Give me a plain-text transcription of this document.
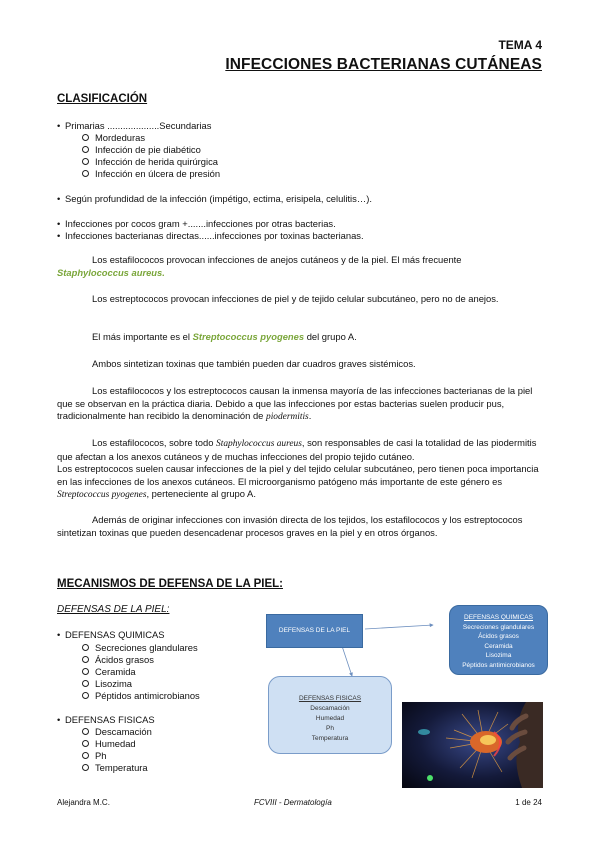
TEMA 4
INFECCIONES BACTERIANAS CUTÁNEAS
CLASIFICACIÓN
• Primarias ....................Secundarias
Mordeduras
Infección de pie diabético
Infección de herida quirúrgica
Infección en úlcera de presión
• Según profundidad de la infección (impétigo, ectima, erisipela, celulitis…).
• Infecciones por cocos gram +.......infecciones por otras bacterias.
• Infecciones bacterianas directas......infecciones por toxinas bacterianas.
Los estafilococos provocan infecciones de anejos cutáneos y de la piel. El más frecuente
Staphylococcus aureus.
Los estreptococos provocan infecciones de piel y de tejido celular subcutáneo, pero no de anejos.
El más importante es el Streptococcus pyogenes del grupo A.
Ambos sintetizan toxinas que también pueden dar cuadros graves sistémicos.
Los estafilococos y los estreptococos causan la inmensa mayoría de las infecciones bacterianas de la piel que se observan en la práctica diaria. Debido a que las infecciones por estas bacterias suelen producir pus, tradicionalmente han recibido la denominación de piodermitis.
Los estafilococos, sobre todo Staphylococcus aureus, son responsables de casi la totalidad de las piodermitis que afectan a los anexos cutáneos y de muchas infecciones del propio tejido cutáneo.
Los estreptococos suelen causar infecciones de la piel y del tejido celular subcutáneo, pero tienen poca importancia en las infecciones de los anexos cutáneos. El microorganismo patógeno más importante de este género es Streptococcus pyogenes, perteneciente al grupo A.
Además de originar infecciones con invasión directa de los tejidos, los estafilococos y los estreptococos sintetizan toxinas que pueden desencadenar procesos graves en la piel y en otros órganos.
MECANISMOS DE DEFENSA DE LA PIEL:
DEFENSAS DE LA PIEL:
• DEFENSAS QUIMICAS
Secreciones glandulares
Ácidos grasos
Ceramida
Lisozima
Péptidos antimicrobianos
• DEFENSAS FISICAS
Descamación
Humedad
Ph
Temperatura
DEFENSAS DE LA PIEL
DEFENSAS QUIMICAS
Secreciones glandulares
Ácidos grasos
Ceramida
Lisozima
Péptidos antimicrobianos
DEFENSAS FISICAS
Descamación
Humedad
Ph
Temperatura
Alejandra M.C.	FCVIII - Dermatología	1 de 24
